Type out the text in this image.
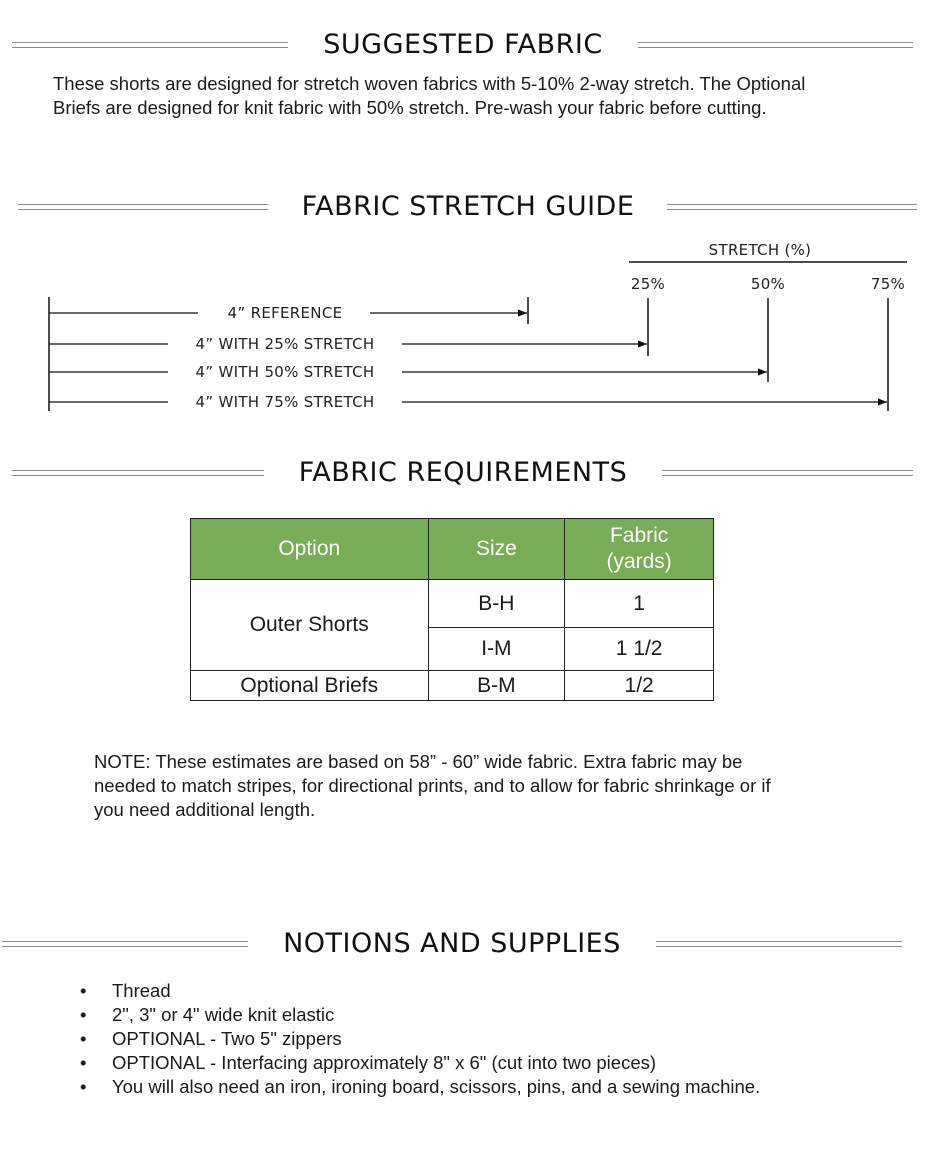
SUGGESTED FABRIC
These shorts are designed for stretch woven fabrics with 5-10% 2-way stretch. The Optional
Briefs are designed for knit fabric with 50% stretch. Pre-wash your fabric before cutting.
FABRIC STRETCH GUIDE
STRETCH (%)
25%	50%	75%
4” REFERENCE
4” WITH 25% STRETCH
4” WITH 50% STRETCH
4” WITH 75% STRETCH
FABRIC REQUIREMENTS
Option	Size	Fabric
(yards)

Outer Shorts	B-H	1
	I-M	1 1/2
Optional Briefs	B-M	1/2
NOTE: These estimates are based on 58” - 60” wide fabric. Extra fabric may be
needed to match stripes, for directional prints, and to allow for fabric shrinkage or if
you need additional length.
NOTIONS AND SUPPLIES
• Thread
• 2", 3" or 4" wide knit elastic
• OPTIONAL - Two 5" zippers
• OPTIONAL - Interfacing approximately 8" x 6" (cut into two pieces)
• You will also need an iron, ironing board, scissors, pins, and a sewing machine.
